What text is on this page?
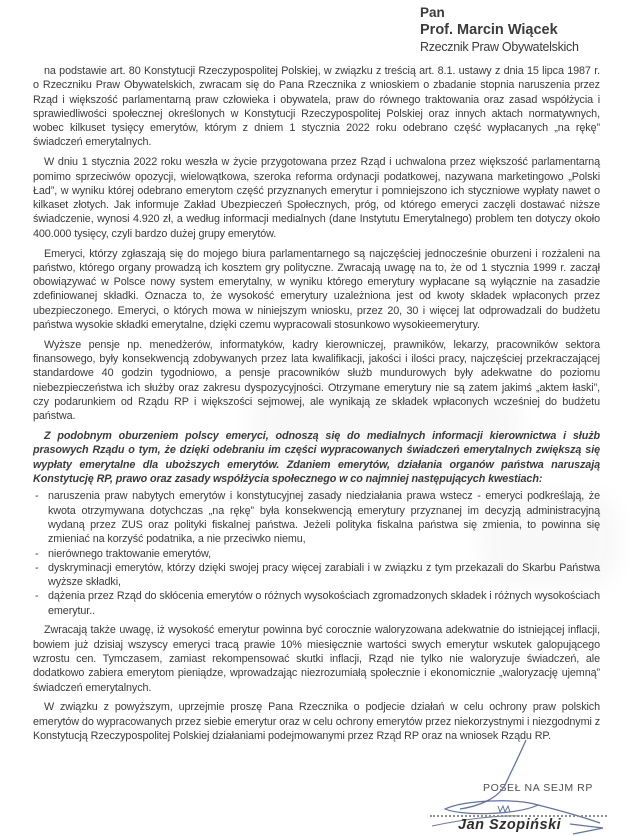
Pan
Prof. Marcin Wiącek
Rzecznik Praw Obywatelskich

na podstawie art. 80 Konstytucji Rzeczypospolitej Polskiej, w związku z treścią art. 8.1. ustawy z dnia 15 lipca 1987 r. o Rzeczniku Praw Obywatelskich, zwracam się do Pana Rzecznika z wnioskiem o zbadanie stopnia naruszenia przez Rząd i większość parlamentarną praw człowieka i obywatela, praw do równego traktowania oraz zasad współżycia i sprawiedliwości społecznej określonych w Konstytucji Rzeczypospolitej Polskiej oraz innych aktach normatywnych, wobec kilkuset tysięcy emerytów, którym z dniem 1 stycznia 2022 roku odebrano część wypłacanych „na rękę” świadczeń emerytalnych.

W dniu 1 stycznia 2022 roku weszła w życie przygotowana przez Rząd i uchwalona przez większość parlamentarną pomimo sprzeciwów opozycji, wielowątkowa, szeroka reforma ordynacji podatkowej, nazywana marketingowo „Polski Ład”, w wyniku której odebrano emerytom część przyznanych emerytur i pomniejszono ich styczniowe wypłaty nawet o kilkaset złotych. Jak informuje Zakład Ubezpieczeń Społecznych, próg, od którego emeryci zaczęli dostawać niższe świadczenie, wynosi 4.920 zł, a według informacji medialnych (dane Instytutu Emerytalnego) problem ten dotyczy około 400.000 tysięcy, czyli bardzo dużej grupy emerytów.

Emeryci, którzy zgłaszają się do mojego biura parlamentarnego są najczęściej jednocześnie oburzeni i rozżaleni na państwo, którego organy prowadzą ich kosztem gry polityczne. Zwracają uwagę na to, że od 1 stycznia 1999 r. zaczął obowiązywać w Polsce nowy system emerytalny, w wyniku którego emerytury wypłacane są wyłącznie na zasadzie zdefiniowanej składki. Oznacza to, że wysokość emerytury uzależniona jest od kwoty składek wpłaconych przez ubezpieczonego. Emeryci, o których mowa w niniejszym wniosku, przez 20, 30 i więcej lat odprowadzali do budżetu państwa wysokie składki emerytalne, dzięki czemu wypracowali stosunkowo wysokieemerytury.

Wyższe pensje np. menedżerów, informatyków, kadry kierowniczej, prawników, lekarzy, pracowników sektora finansowego, były konsekwencją zdobywanych przez lata kwalifikacji, jakości i ilości pracy, najczęściej przekraczającej standardowe 40 godzin tygodniowo, a pensje pracowników służb mundurowych były adekwatne do poziomu niebezpieczeństwa ich służby oraz zakresu dyspozycyjności. Otrzymane emerytury nie są zatem jakimś „aktem łaski”, czy podarunkiem od Rządu RP i większości sejmowej, ale wynikają ze składek wpłaconych wcześniej do budżetu państwa.

Z podobnym oburzeniem polscy emeryci, odnoszą się do medialnych informacji kierownictwa i służb prasowych Rządu o tym, że dzięki odebraniu im części wypracowanych świadczeń emerytalnych zwiększą się wypłaty emerytalne dla uboższych emerytów. Zdaniem emerytów, działania organów państwa naruszają Konstytucję RP, prawo oraz zasady współżycia społecznego w co najmniej następujących kwestiach:

- naruszenia praw nabytych emerytów i konstytucyjnej zasady niedziałania prawa wstecz - emeryci podkreślają, że kwota otrzymywana dotychczas „na rękę” była konsekwencją emerytury przyznanej im decyzją administracyjną wydaną przez ZUS oraz polityki fiskalnej państwa. Jeżeli polityka fiskalna państwa się zmienia, to powinna się zmieniać na korzyść podatnika, a nie przeciwko niemu,
- nierównego traktowanie emerytów,
- dyskryminacji emerytów, którzy dzięki swojej pracy więcej zarabiali i w związku z tym przekazali do Skarbu Państwa wyższe składki,
- dążenia przez Rząd do skłócenia emerytów o różnych wysokościach zgromadzonych składek i różnych wysokościach emerytur..

Zwracają także uwagę, iż wysokość emerytur powinna być corocznie waloryzowana adekwatnie do istniejącej inflacji, bowiem już dzisiaj wszyscy emeryci tracą prawie 10% miesięcznie wartości swych emerytur wskutek galopującego wzrostu cen. Tymczasem, zamiast rekompensować skutki inflacji, Rząd nie tylko nie waloryzuje świadczeń, ale dodatkowo zabiera emerytom pieniądze, wprowadzając niezrozumiałą społecznie i ekonomicznie „waloryzację ujemną” świadczeń emerytalnych.

W związku z powyższym, uprzejmie proszę Pana Rzecznika o podjecie działań w celu ochrony praw polskich emerytów do wypracowanych przez siebie emerytur oraz w celu ochrony emerytów przez niekorzystnymi i niezgodnymi z Konstytucją Rzeczypospolitej Polskiej działaniami podejmowanymi przez Rząd RP oraz na wniosek Rządu RP.

POSEŁ NA SEJM RP
Jan Szopiński
